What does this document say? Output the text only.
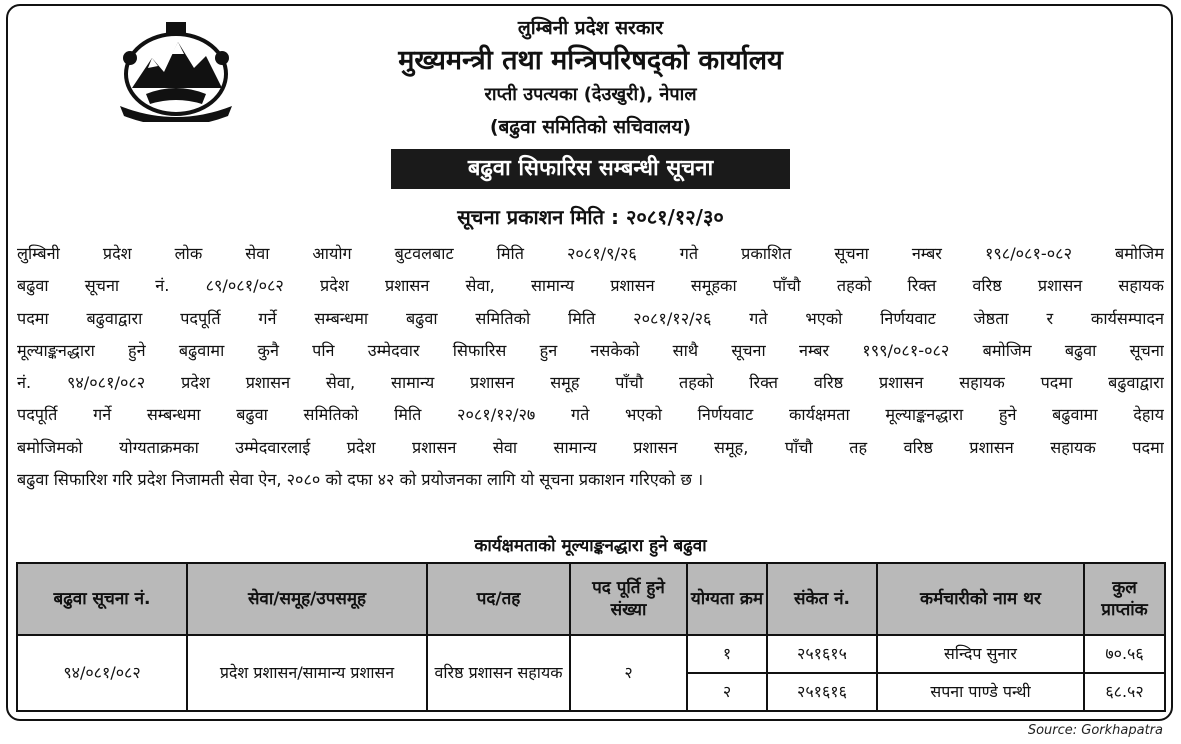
लुम्बिनी प्रदेश सरकार
मुख्यमन्त्री तथा मन्त्रिपरिषद्को कार्यालय
राप्ती उपत्यका (देउखुरी), नेपाल
(बढुवा समितिको सचिवालय)
बढुवा सिफारिस सम्बन्धी सूचना
सूचना प्रकाशन मिति : २०८१/१२/३०
लुम्बिनी प्रदेश लोक सेवा आयोग बुटवलबाट मिति २०८१/९/२६ गते प्रकाशित सूचना नम्बर १९८/०८१-०८२ बमोजिम
बढुवा सूचना नं. ८९/०८१/०८२ प्रदेश प्रशासन सेवा, सामान्य प्रशासन समूहका पाँचौ तहको रिक्त वरिष्ठ प्रशासन सहायक
पदमा बढुवाद्वारा पदपूर्ति गर्ने सम्बन्धमा बढुवा समितिको मिति २०८१/१२/२६ गते भएको निर्णयवाट जेष्ठता र कार्यसम्पादन
मूल्याङ्कनद्धारा हुने बढुवामा कुनै पनि उम्मेदवार सिफारिस हुन नसकेको साथै सूचना नम्बर १९९/०८१-०८२ बमोजिम बढुवा सूचना
नं. ९४/०८१/०८२ प्रदेश प्रशासन सेवा, सामान्य प्रशासन समूह पाँचौ तहको रिक्त वरिष्ठ प्रशासन सहायक पदमा बढुवाद्वारा
पदपूर्ति गर्ने सम्बन्धमा बढुवा समितिको मिति २०८१/१२/२७ गते भएको निर्णयवाट कार्यक्षमता मूल्याङ्कनद्धारा हुने बढुवामा देहाय
बमोजिमको योग्यताक्रमका उम्मेदवारलाई प्रदेश प्रशासन सेवा सामान्य प्रशासन समूह, पाँचौ तह वरिष्ठ प्रशासन सहायक पदमा
बढुवा सिफारिश गरि प्रदेश निजामती सेवा ऐन, २०८० को दफा ४२ को प्रयोजनका लागि यो सूचना प्रकाशन गरिएको छ ।
कार्यक्षमताको मूल्याङ्कनद्धारा हुने बढुवा
बढुवा सूचना नं.	सेवा/समूह/उपसमूह	पद/तह	पद पूर्ति हुने संख्या	योग्यता क्रम	संकेत नं.	कर्मचारीको नाम थर	कुल प्राप्तांक
९४/०८१/०८२	प्रदेश प्रशासन/सामान्य प्रशासन	वरिष्ठ प्रशासन सहायक	२	१	२५१६१५	सन्दिप सुनार	७०.५६
				२	२५१६१६	सपना पाण्डे पन्थी	६८.५२
Source: Gorkhapatra
